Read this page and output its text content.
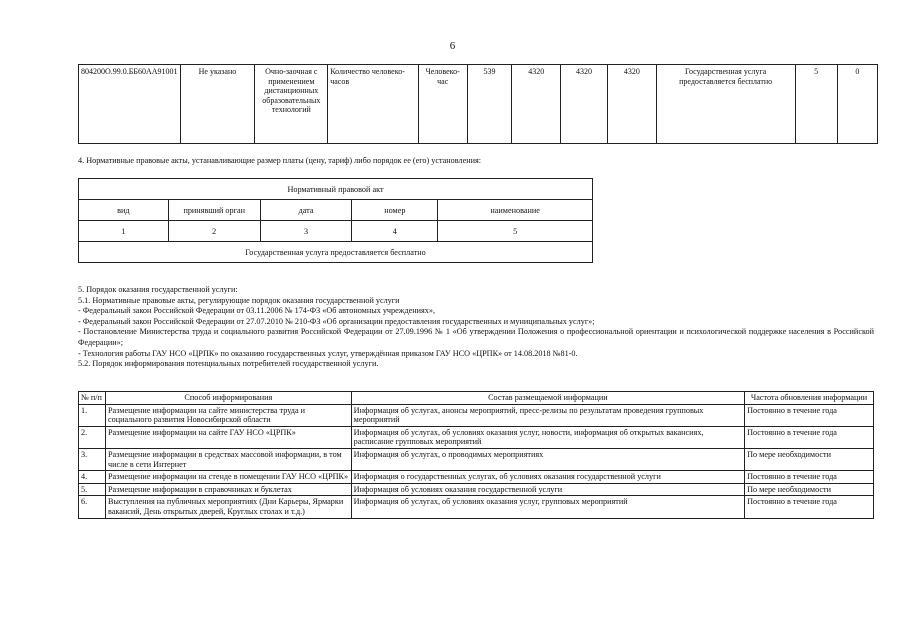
6
804200О.99.0.ББ60АА91001	Не указано	Очно-заочная с применением дистанционных образовательных технологий	Количество человеко-часов	Человеко-час	539	4320	4320	4320	Государственная услуга предоставляется бесплатно	5	0
4. Нормативные правовые акты, устанавливающие размер платы (цену, тариф) либо порядок ее (его) установления:
Нормативный правовой акт				
вид	принявший орган	дата	номер	наименование
1	2	3	4	5
Государственная услуга предоставляется бесплатно				
5. Порядок оказания государственной услуги:
5.1. Нормативные правовые акты, регулирующие порядок оказания государственной услуги
- Федеральный закон Российской Федерации от 03.11.2006 № 174-ФЗ «Об автономных учреждениях»,
- Федеральный закон Российской Федерации от 27.07.2010 № 210-ФЗ «Об организации предоставления государственных и муниципальных услуг»;
- Постановление Министерства труда и социального развития Российской Федерации от 27.09.1996 № 1 «Об утверждении Положения о профессиональной ориентации и психологической поддержке населения в Российской Федерации»;
- Технология работы ГАУ НСО «ЦРПК» по оказанию государственных услуг, утверждённая приказом ГАУ НСО «ЦРПК» от 14.08.2018 №81-0.
5.2. Порядок информирования потенциальных потребителей государственной услуги.
№ п/п	Способ информирования	Состав размещаемой информации	Частота обновления информации
1.	Размещение информации на сайте министерства труда и социального развития Новосибирской области	Информация об услугах, анонсы мероприятий, пресс-релизы по результатам проведения групповых мероприятий	Постоянно в течение года
2.	Размещение информации на сайте ГАУ НСО «ЦРПК»	Информация об услугах, об условиях оказания услуг, новости, информация об открытых вакансиях, расписание групповых мероприятий	Постоянно в течение года
3.	Размещение информации в средствах массовой информации, в том числе в сети Интернет	Информация об услугах, о проводимых мероприятиях	По мере необходимости
4.	Размещение информации на стенде в помещении ГАУ НСО «ЦРПК»	Информация о государственных услугах, об условиях оказания государственной услуги	Постоянно в течение года
5.	Размещение информации в справочниках и буклетах	Информация об условиях оказания государственной услуги	По мере необходимости
6.	Выступления на публичных мероприятиях (Дни Карьеры, Ярмарки вакансий, День открытых дверей, Круглых столах и т.д.)	Информация об услугах, об условиях оказания услуг, групповых мероприятий	Постоянно в течение года
